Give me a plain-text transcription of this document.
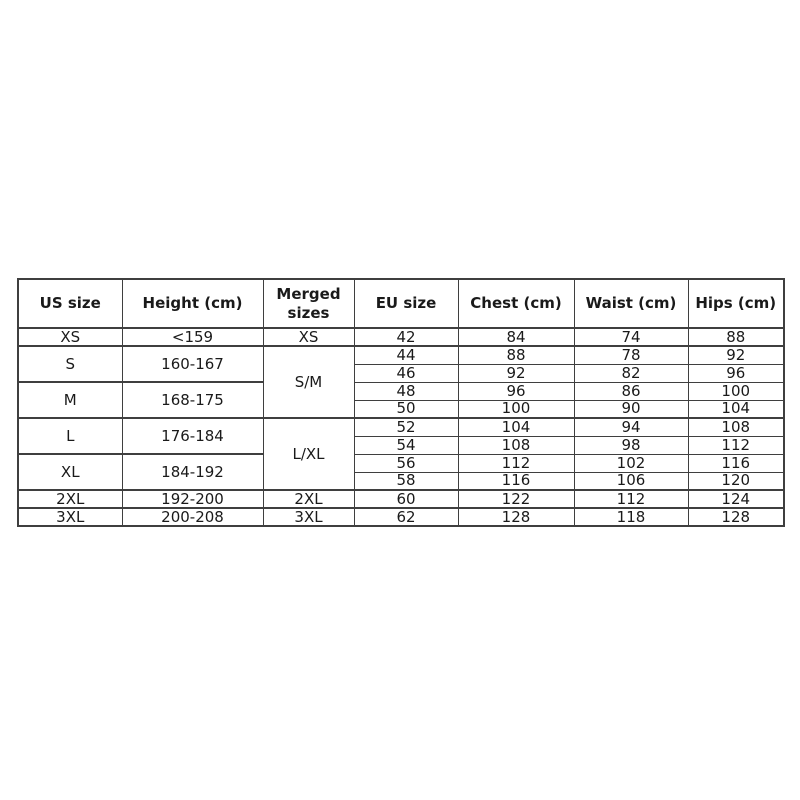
US size	Height (cm)	Merged sizes	EU size	Chest (cm)	Waist (cm)	Hips (cm)
XS	<159	XS	42	84	74	88
S	160-167	S/M	44	88	78	92
			46	92	82	96
M	168-175		48	96	86	100
			50	100	90	104
L	176-184	L/XL	52	104	94	108
			54	108	98	112
XL	184-192		56	112	102	116
			58	116	106	120
2XL	192-200	2XL	60	122	112	124
3XL	200-208	3XL	62	128	118	128
